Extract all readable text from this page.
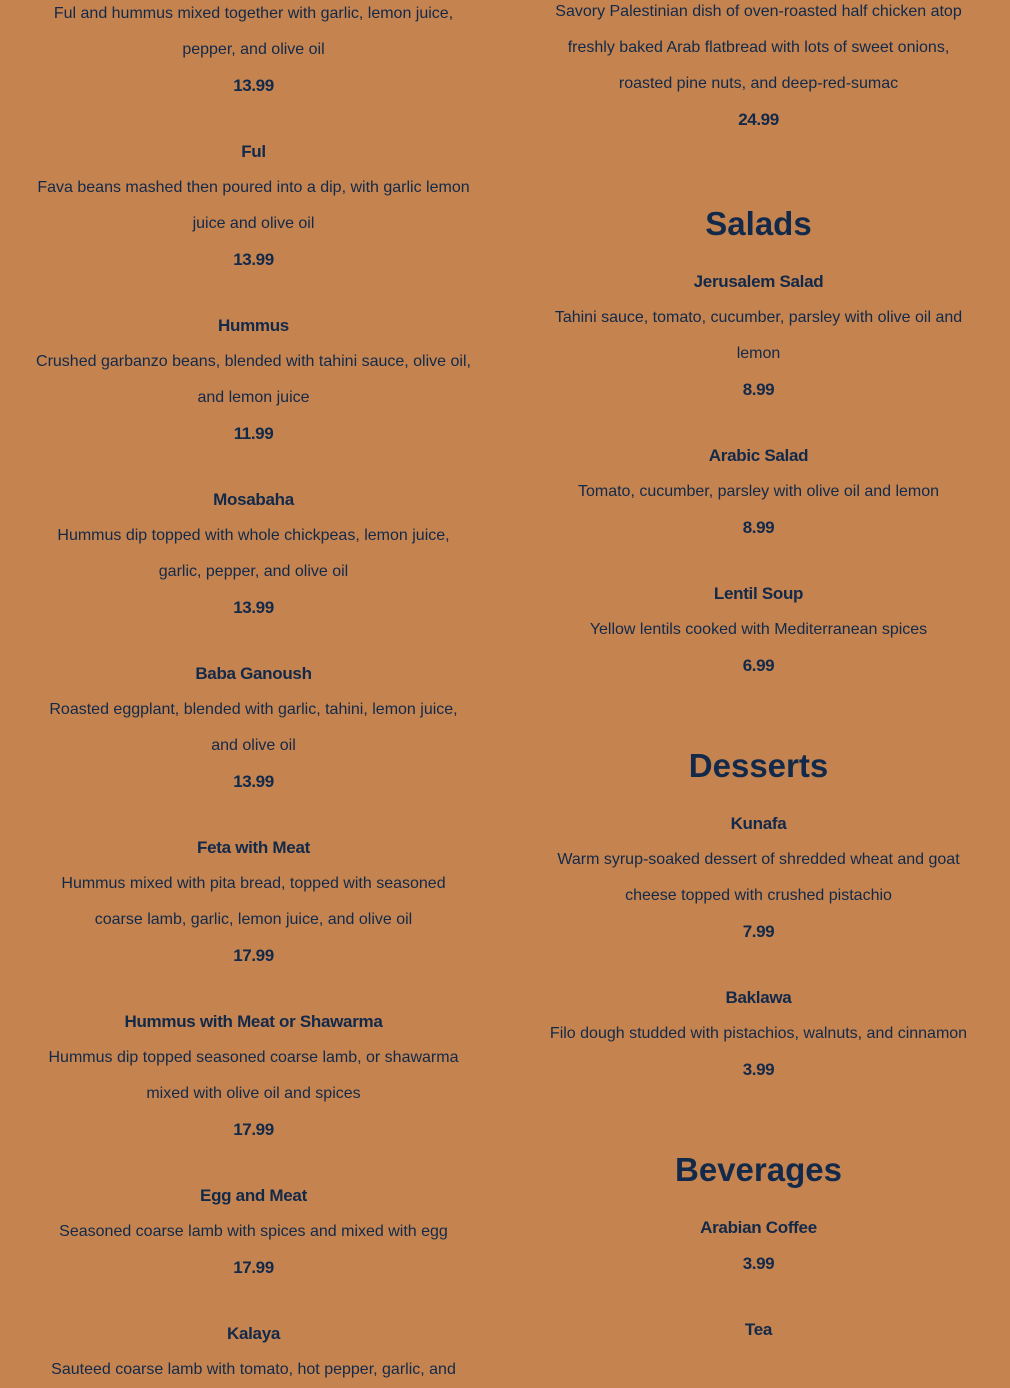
Ful and hummus mixed together with garlic, lemon juice, pepper, and olive oil
13.99
Ful
Fava beans mashed then poured into a dip, with garlic lemon juice and olive oil
13.99
Hummus
Crushed garbanzo beans, blended with tahini sauce, olive oil, and lemon juice
11.99
Mosabaha
Hummus dip topped with whole chickpeas, lemon juice, garlic, pepper, and olive oil
13.99
Baba Ganoush
Roasted eggplant, blended with garlic, tahini, lemon juice, and olive oil
13.99
Feta with Meat
Hummus mixed with pita bread, topped with seasoned coarse lamb, garlic, lemon juice, and olive oil
17.99
Hummus with Meat or Shawarma
Hummus dip topped seasoned coarse lamb, or shawarma mixed with olive oil and spices
17.99
Egg and Meat
Seasoned coarse lamb with spices and mixed with egg
17.99
Kalaya
Sauteed coarse lamb with tomato, hot pepper, garlic, and
Savory Palestinian dish of oven-roasted half chicken atop freshly baked Arab flatbread with lots of sweet onions, roasted pine nuts, and deep-red-sumac
24.99
Salads
Jerusalem Salad
Tahini sauce, tomato, cucumber, parsley with olive oil and lemon
8.99
Arabic Salad
Tomato, cucumber, parsley with olive oil and lemon
8.99
Lentil Soup
Yellow lentils cooked with Mediterranean spices
6.99
Desserts
Kunafa
Warm syrup-soaked dessert of shredded wheat and goat cheese topped with crushed pistachio
7.99
Baklawa
Filo dough studded with pistachios, walnuts, and cinnamon
3.99
Beverages
Arabian Coffee
3.99
Tea
